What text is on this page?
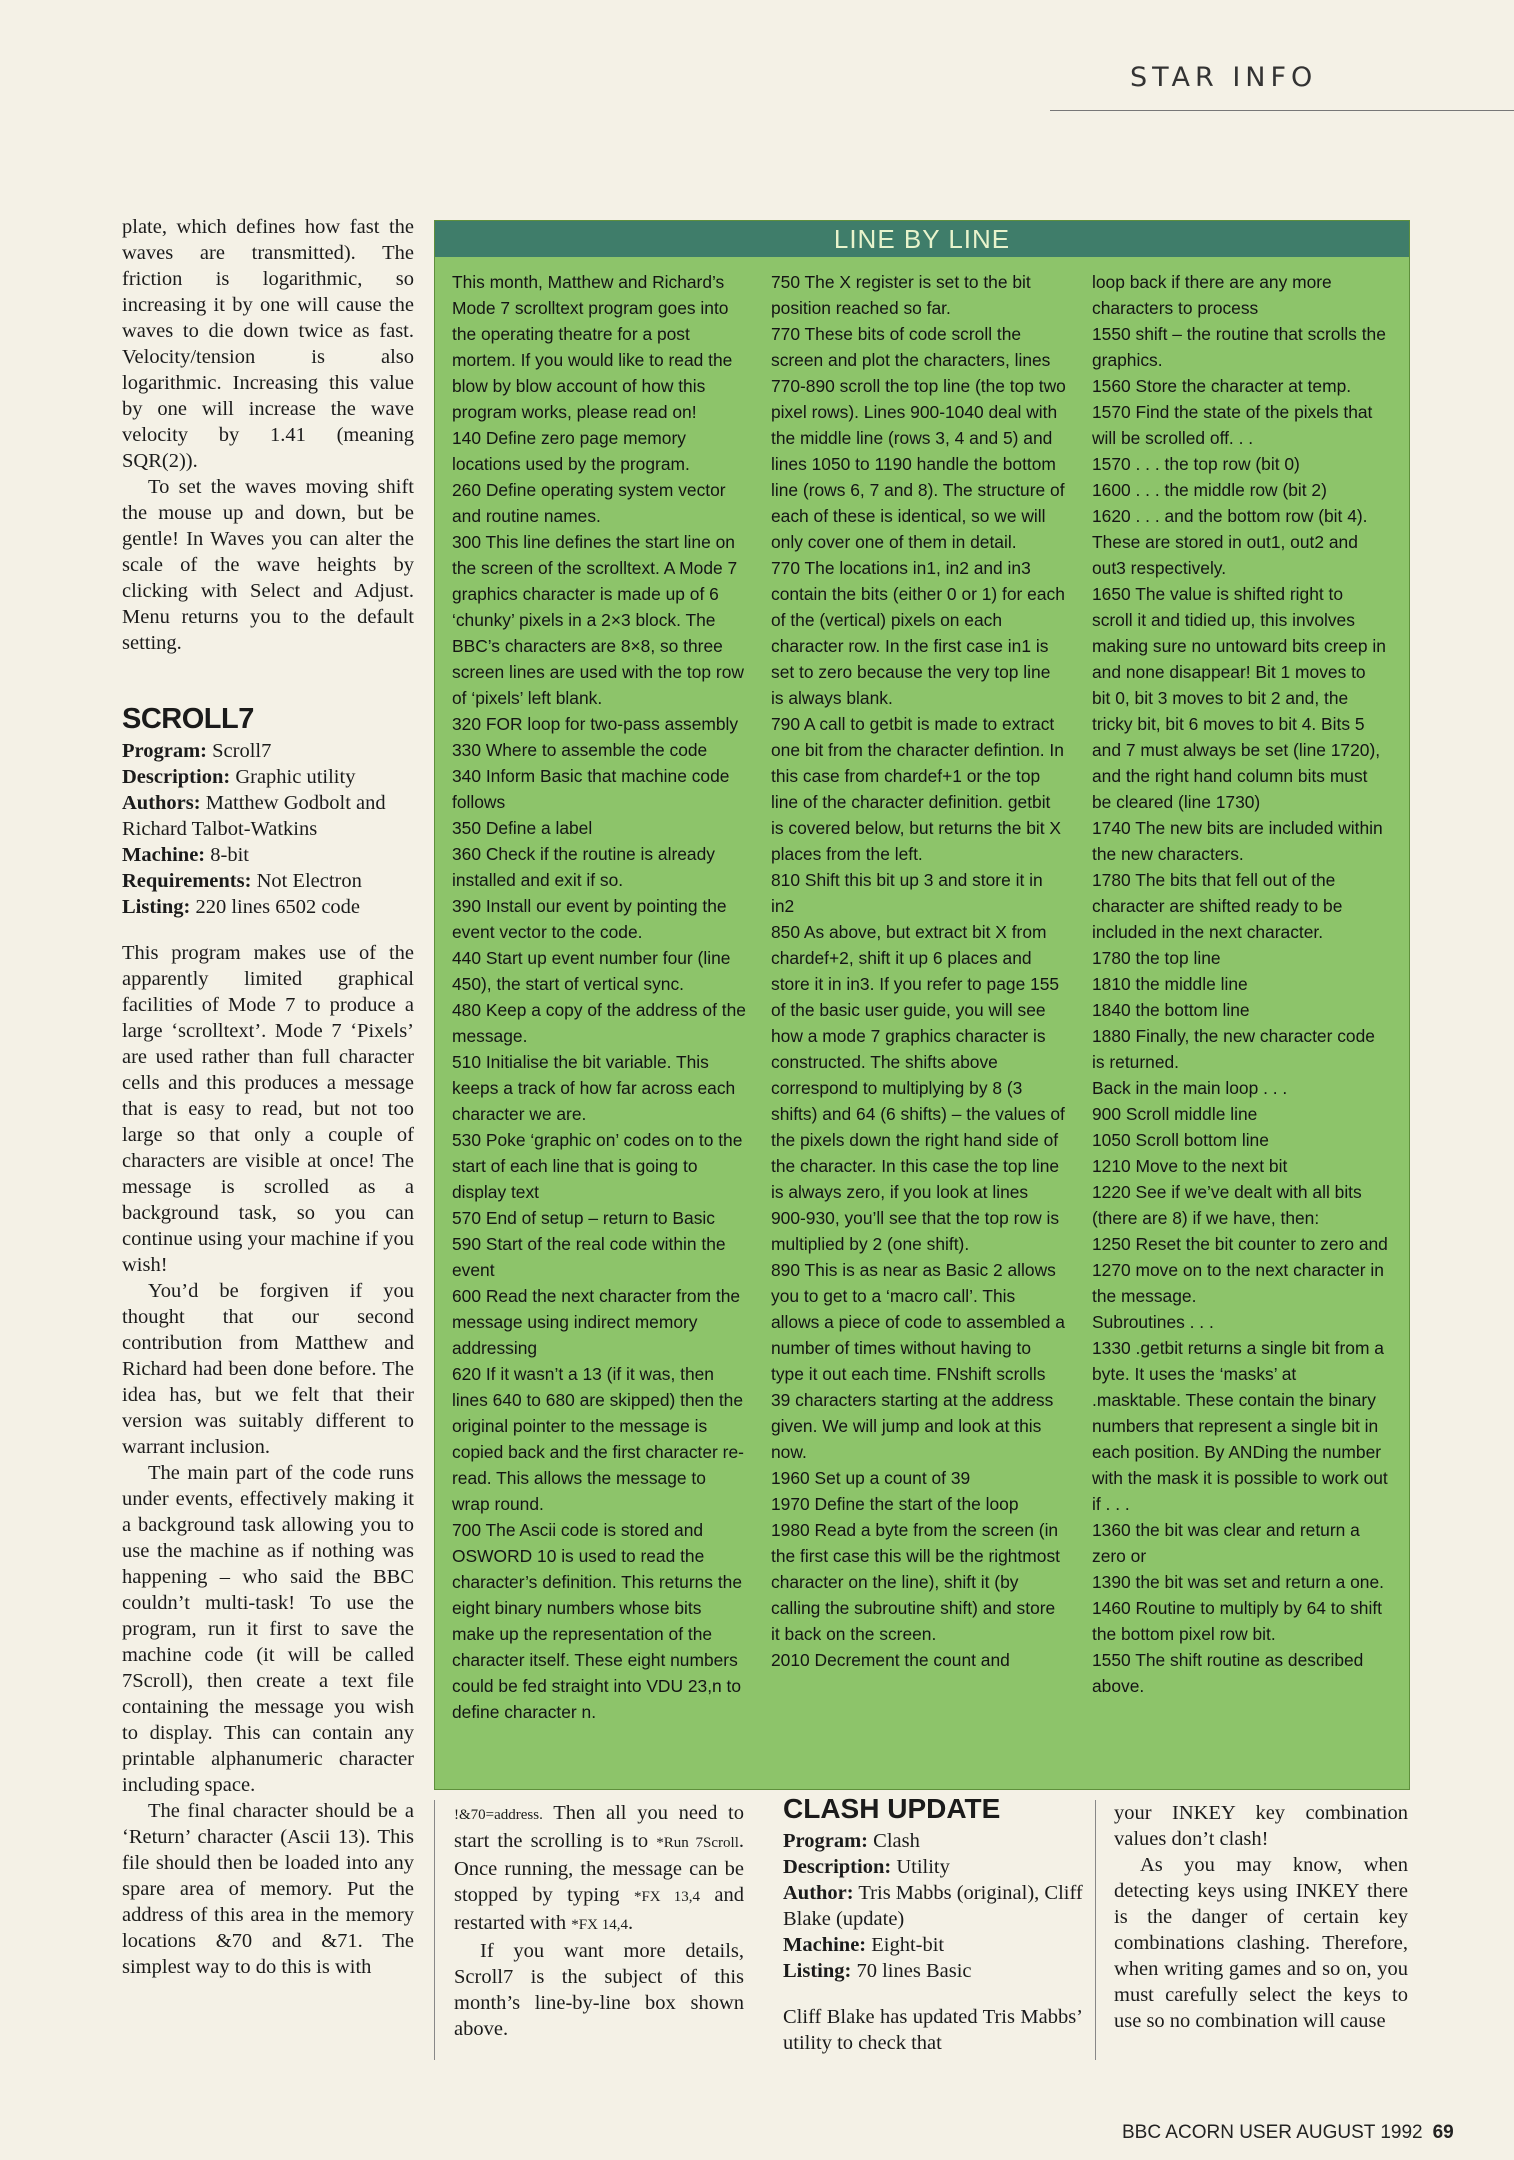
STAR INFO

plate, which defines how fast the waves are transmitted). The friction is logarithmic, so increasing it by one will cause the waves to die down twice as fast. Velocity/tension is also logarithmic. Increasing this value by one will increase the wave velocity by 1.41 (meaning SQR(2)).

To set the waves moving shift the mouse up and down, but be gentle! In Waves you can alter the scale of the wave heights by clicking with Select and Adjust. Menu returns you to the default setting.

SCROLL7
Program: Scroll7
Description: Graphic utility
Authors: Matthew Godbolt and Richard Talbot-Watkins
Machine: 8-bit
Requirements: Not Electron
Listing: 220 lines 6502 code

This program makes use of the apparently limited graphical facilities of Mode 7 to produce a large ‘scrolltext’. Mode 7 ‘Pixels’ are used rather than full character cells and this produces a message that is easy to read, but not too large so that only a couple of characters are visible at once! The message is scrolled as a background task, so you can continue using your machine if you wish!

You’d be forgiven if you thought that our second contribution from Matthew and Richard had been done before. The idea has, but we felt that their version was suitably different to warrant inclusion.

The main part of the code runs under events, effectively making it a background task allowing you to use the machine as if nothing was happening – who said the BBC couldn’t multi-task! To use the program, run it first to save the machine code (it will be called 7Scroll), then create a text file containing the message you wish to display. This can contain any printable alphanumeric character including space.

The final character should be a ‘Return’ character (Ascii 13). This file should then be loaded into any spare area of memory. Put the address of this area in the memory locations &70 and &71. The simplest way to do this is with

LINE BY LINE
This month, Matthew and Richard’s Mode 7 scrolltext program goes into the operating theatre for a post mortem. If you would like to read the blow by blow account of how this program works, please read on!
140 Define zero page memory locations used by the program.
260 Define operating system vector and routine names.
300 This line defines the start line on the screen of the scrolltext. A Mode 7 graphics character is made up of 6 ‘chunky’ pixels in a 2×3 block. The BBC’s characters are 8×8, so three screen lines are used with the top row of ‘pixels’ left blank.
320 FOR loop for two-pass assembly
330 Where to assemble the code
340 Inform Basic that machine code follows
350 Define a label
360 Check if the routine is already installed and exit if so.
390 Install our event by pointing the event vector to the code.
440 Start up event number four (line 450), the start of vertical sync.
480 Keep a copy of the address of the message.
510 Initialise the bit variable. This keeps a track of how far across each character we are.
530 Poke ‘graphic on’ codes on to the start of each line that is going to display text
570 End of setup – return to Basic
590 Start of the real code within the event
600 Read the next character from the message using indirect memory addressing
620 If it wasn’t a 13 (if it was, then lines 640 to 680 are skipped) then the original pointer to the message is copied back and the first character re-read. This allows the message to wrap round.
700 The Ascii code is stored and OSWORD 10 is used to read the character’s definition. This returns the eight binary numbers whose bits make up the representation of the character itself. These eight numbers could be fed straight into VDU 23,n to define character n.
750 The X register is set to the bit position reached so far.
770 These bits of code scroll the screen and plot the characters, lines 770-890 scroll the top line (the top two pixel rows). Lines 900-1040 deal with the middle line (rows 3, 4 and 5) and lines 1050 to 1190 handle the bottom line (rows 6, 7 and 8). The structure of each of these is identical, so we will only cover one of them in detail.
770 The locations in1, in2 and in3 contain the bits (either 0 or 1) for each of the (vertical) pixels on each character row. In the first case in1 is set to zero because the very top line is always blank.
790 A call to getbit is made to extract one bit from the character defintion. In this case from chardef+1 or the top line of the character definition. getbit is covered below, but returns the bit X places from the left.
810 Shift this bit up 3 and store it in in2
850 As above, but extract bit X from chardef+2, shift it up 6 places and store it in in3. If you refer to page 155 of the basic user guide, you will see how a mode 7 graphics character is constructed. The shifts above correspond to multiplying by 8 (3 shifts) and 64 (6 shifts) – the values of the pixels down the right hand side of the character. In this case the top line is always zero, if you look at lines 900-930, you’ll see that the top row is multiplied by 2 (one shift).
890 This is as near as Basic 2 allows you to get to a ‘macro call’. This allows a piece of code to assembled a number of times without having to type it out each time. FNshift scrolls 39 characters starting at the address given. We will jump and look at this now.
1960 Set up a count of 39
1970 Define the start of the loop
1980 Read a byte from the screen (in the first case this will be the rightmost character on the line), shift it (by calling the subroutine shift) and store it back on the screen.
2010 Decrement the count and
loop back if there are any more characters to process
1550 shift – the routine that scrolls the graphics.
1560 Store the character at temp.
1570 Find the state of the pixels that will be scrolled off. . .
1570 . . . the top row (bit 0)
1600 . . . the middle row (bit 2)
1620 . . . and the bottom row (bit 4). These are stored in out1, out2 and out3 respectively.
1650 The value is shifted right to scroll it and tidied up, this involves making sure no untoward bits creep in and none disappear! Bit 1 moves to bit 0, bit 3 moves to bit 2 and, the tricky bit, bit 6 moves to bit 4. Bits 5 and 7 must always be set (line 1720), and the right hand column bits must be cleared (line 1730)
1740 The new bits are included within the new characters.
1780 The bits that fell out of the character are shifted ready to be included in the next character.
1780 the top line
1810 the middle line
1840 the bottom line
1880 Finally, the new character code is returned.
Back in the main loop . . .
900 Scroll middle line
1050 Scroll bottom line
1210 Move to the next bit
1220 See if we’ve dealt with all bits (there are 8) if we have, then:
1250 Reset the bit counter to zero and
1270 move on to the next character in the message.
Subroutines . . .
1330 .getbit returns a single bit from a byte. It uses the ‘masks’ at .masktable. These contain the binary numbers that represent a single bit in each position. By ANDing the number with the mask it is possible to work out if . . .
1360 the bit was clear and return a zero or
1390 the bit was set and return a one.
1460 Routine to multiply by 64 to shift the bottom pixel row bit.
1550 The shift routine as described above.

!&70=address. Then all you need to start the scrolling is to *Run 7Scroll. Once running, the message can be stopped by typing *FX 13,4 and restarted with *FX 14,4.

If you want more details, Scroll7 is the subject of this month’s line-by-line box shown above.

CLASH UPDATE
Program: Clash
Description: Utility
Author: Tris Mabbs (original), Cliff Blake (update)
Machine: Eight-bit
Listing: 70 lines Basic

Cliff Blake has updated Tris Mabbs’ utility to check that

your INKEY key combination values don’t clash!

As you may know, when detecting keys using INKEY there is the danger of certain key combinations clashing. Therefore, when writing games and so on, you must carefully select the keys to use so no combination will cause

BBC ACORN USER AUGUST 1992 69
